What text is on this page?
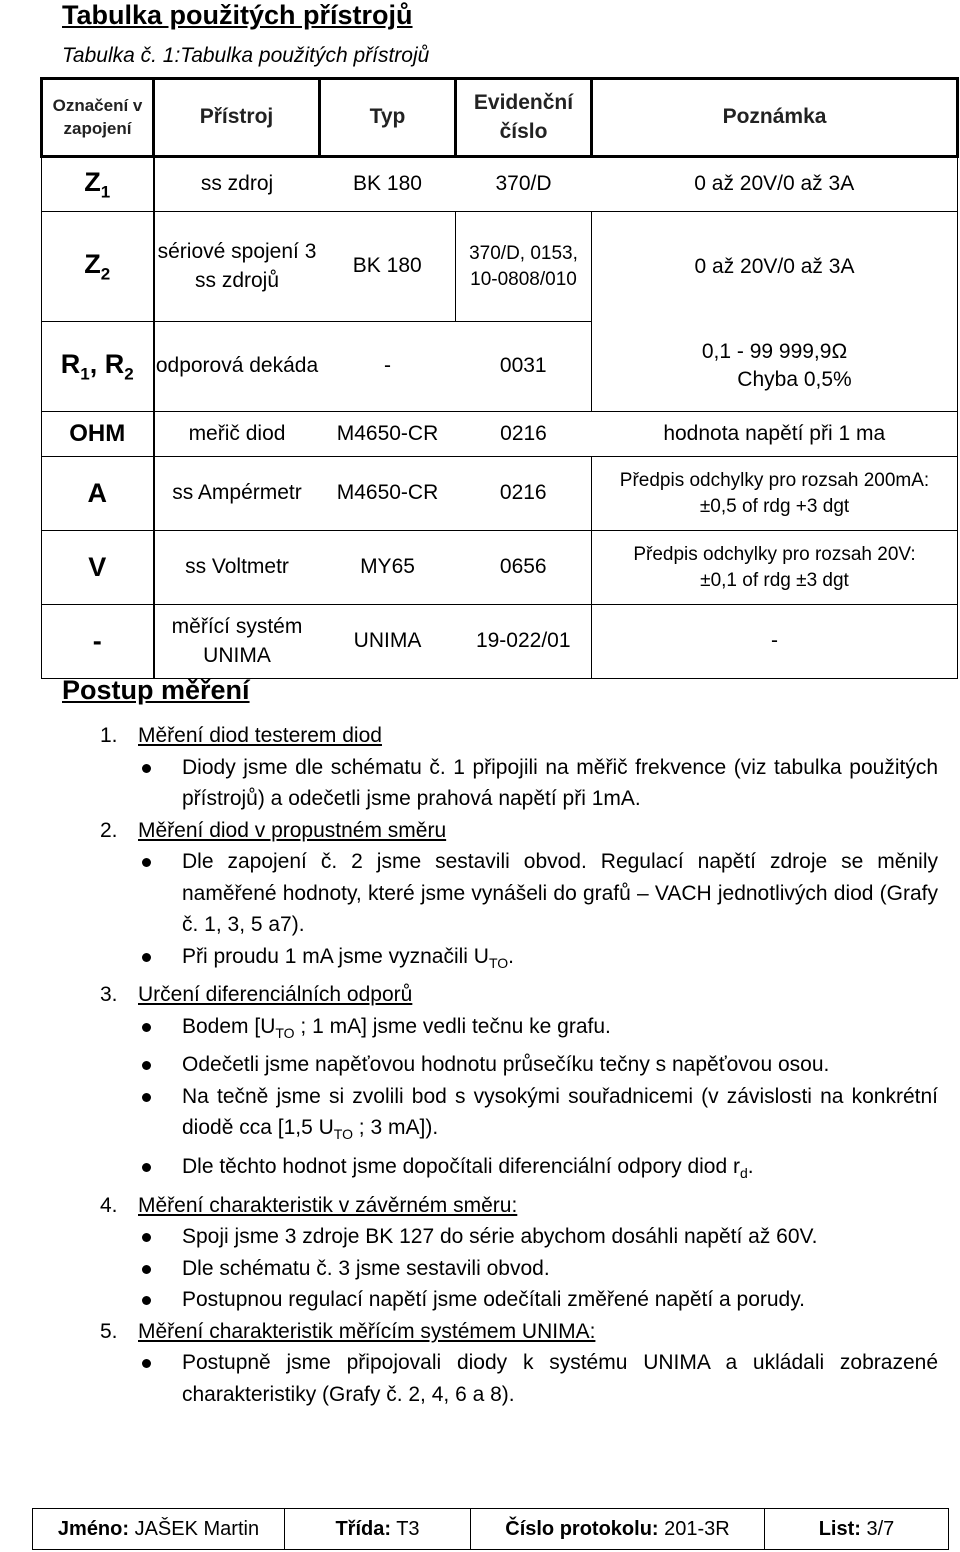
Tabulka použitých přístrojů
Tabulka č. 1:Tabulka použitých přístrojů
Označení v zapojení	Přístroj	Typ	Evidenční číslo	Poznámka
$Z_1$	ss zdroj	BK 180	370/D	0 až 20V/0 až 3A
$Z_2$	sériové spojení 3 ss zdrojů	BK 180	370/D, 0153, 10-0808/010	0 až 20V/0 až 3A
$R_1$, $R_2$	odporová dekáda	-	0031	0,1 - 99 999,9Ω
Chyba 0,5%

OHM	meřič diod	M4650-CR	0216	hodnota napětí při 1 ma
A	ss Ampérmetr	M4650-CR	0216	Předpis odchylky pro rozsah 200mA:
±0,5 of rdg +3 dgt

V	ss Voltmetr	MY65	0656	Předpis odchylky pro rozsah 20V:
±0,1 of rdg ±3 dgt

-	měřící systém UNIMA	UNIMA	19-022/01	-
Postup měření
1. Měření diod testerem diod
Diody jsme dle schématu č. 1 připojili na měřič frekvence (viz tabulka použitých přístrojů) a odečetli jsme prahová napětí při 1mA.
2. Měření diod v propustném směru
Dle zapojení č. 2 jsme sestavili obvod. Regulací napětí zdroje se měnily naměřené hodnoty, které jsme vynášeli do grafů – VACH jednotlivých diod (Grafy č. 1, 3, 5 a7).
Při proudu 1 mA jsme vyznačili $U_{TO}$.
3. Určení diferenciálních odporů
Bodem [$U_{TO}$ ; 1 mA] jsme vedli tečnu ke grafu.
Odečetli jsme napěťovou hodnotu průsečíku tečny s napěťovou osou.
Na tečně jsme si zvolili bod s vysokými souřadnicemi (v závislosti na konkrétní diodě cca [1,5 $U_{TO}$ ; 3 mA]).
Dle těchto hodnot jsme dopočítali diferenciální odpory diod $r_d$.
4. Měření charakteristik v závěrném směru:
Spoji jsme 3 zdroje BK 127 do série abychom dosáhli napětí až 60V.
Dle schématu č. 3 jsme sestavili obvod.
Postupnou regulací napětí jsme odečítali změřené napětí a porudy.
5. Měření charakteristik měřícím systémem UNIMA:
Postupně jsme připojovali diody k systému UNIMA a ukládali zobrazené charakteristiky (Grafy č. 2, 4, 6 a 8).
Jméno: JAŠEK Martin	Třída: T3	Číslo protokolu: 201-3R	List: 3/7
